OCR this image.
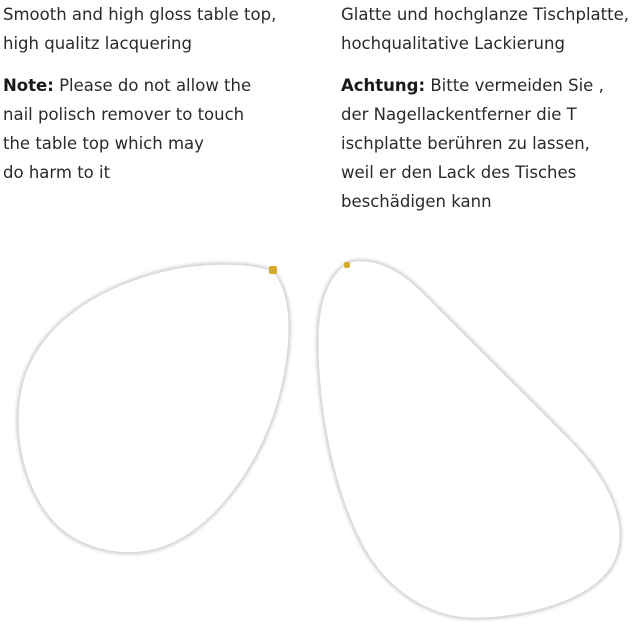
Smooth and high gloss table top,
high qualitz lacquering

Note: Please do not allow the
nail polisch remover to touch
the table top which may
do harm to it

Glatte und hochglanze Tischplatte,
hochqualitative Lackierung

Achtung: Bitte vermeiden Sie ,
der Nagellackentferner die T
ischplatte berühren zu lassen,
weil er den Lack des Tisches
beschädigen kann
